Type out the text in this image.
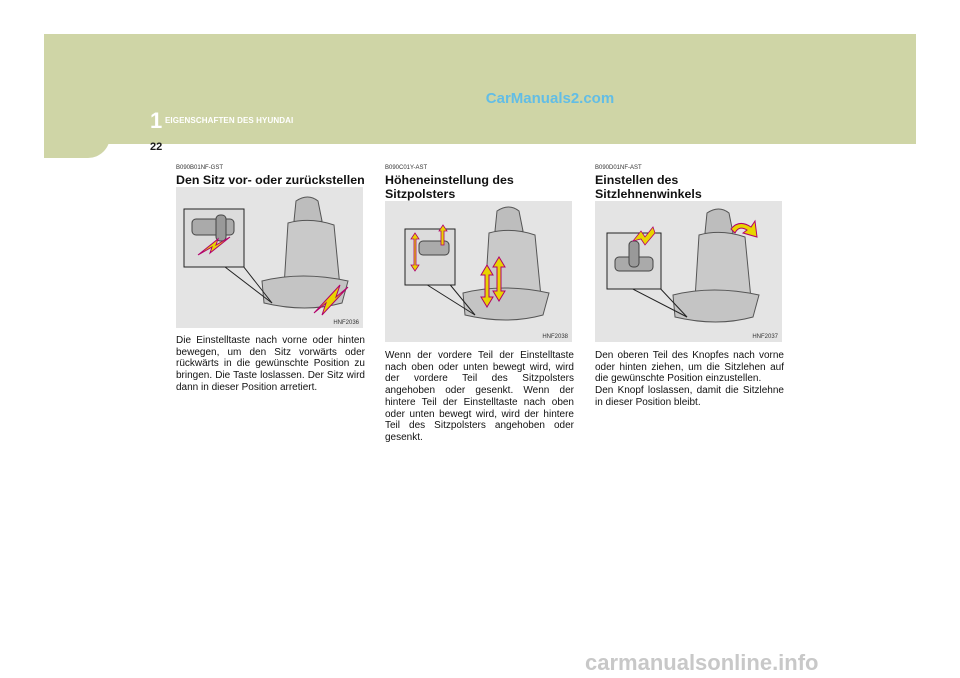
1 EIGENSCHAFTEN DES HYUNDAI
CarManuals2.com
22
B090B01NF-GST
Den Sitz vor- oder zurückstellen
HNF2036
Die Einstelltaste nach vorne oder hinten bewegen, um den Sitz vorwärts oder rückwärts in die gewünschte Position zu bringen. Die Taste loslassen. Der Sitz wird dann in dieser Position arretiert.
B090C01Y-AST
Höheneinstellung des Sitzpolsters
HNF2038
Wenn der vordere Teil der Einstelltaste nach oben oder unten bewegt wird, wird der vordere Teil des Sitzpolsters angehoben oder gesenkt. Wenn der hintere Teil der Einstelltaste nach oben oder unten bewegt wird, wird der hintere Teil des Sitzpolsters angehoben oder gesenkt.
B090D01NF-AST
Einstellen des Sitzlehnenwinkels
HNF2037
Den oberen Teil des Knopfes nach vorne oder hinten ziehen, um die Sitzlehen auf die gewünschte Position einzustellen.
Den Knopf loslassen, damit die Sitzlehne in dieser Position bleibt.
carmanualsonline.info
